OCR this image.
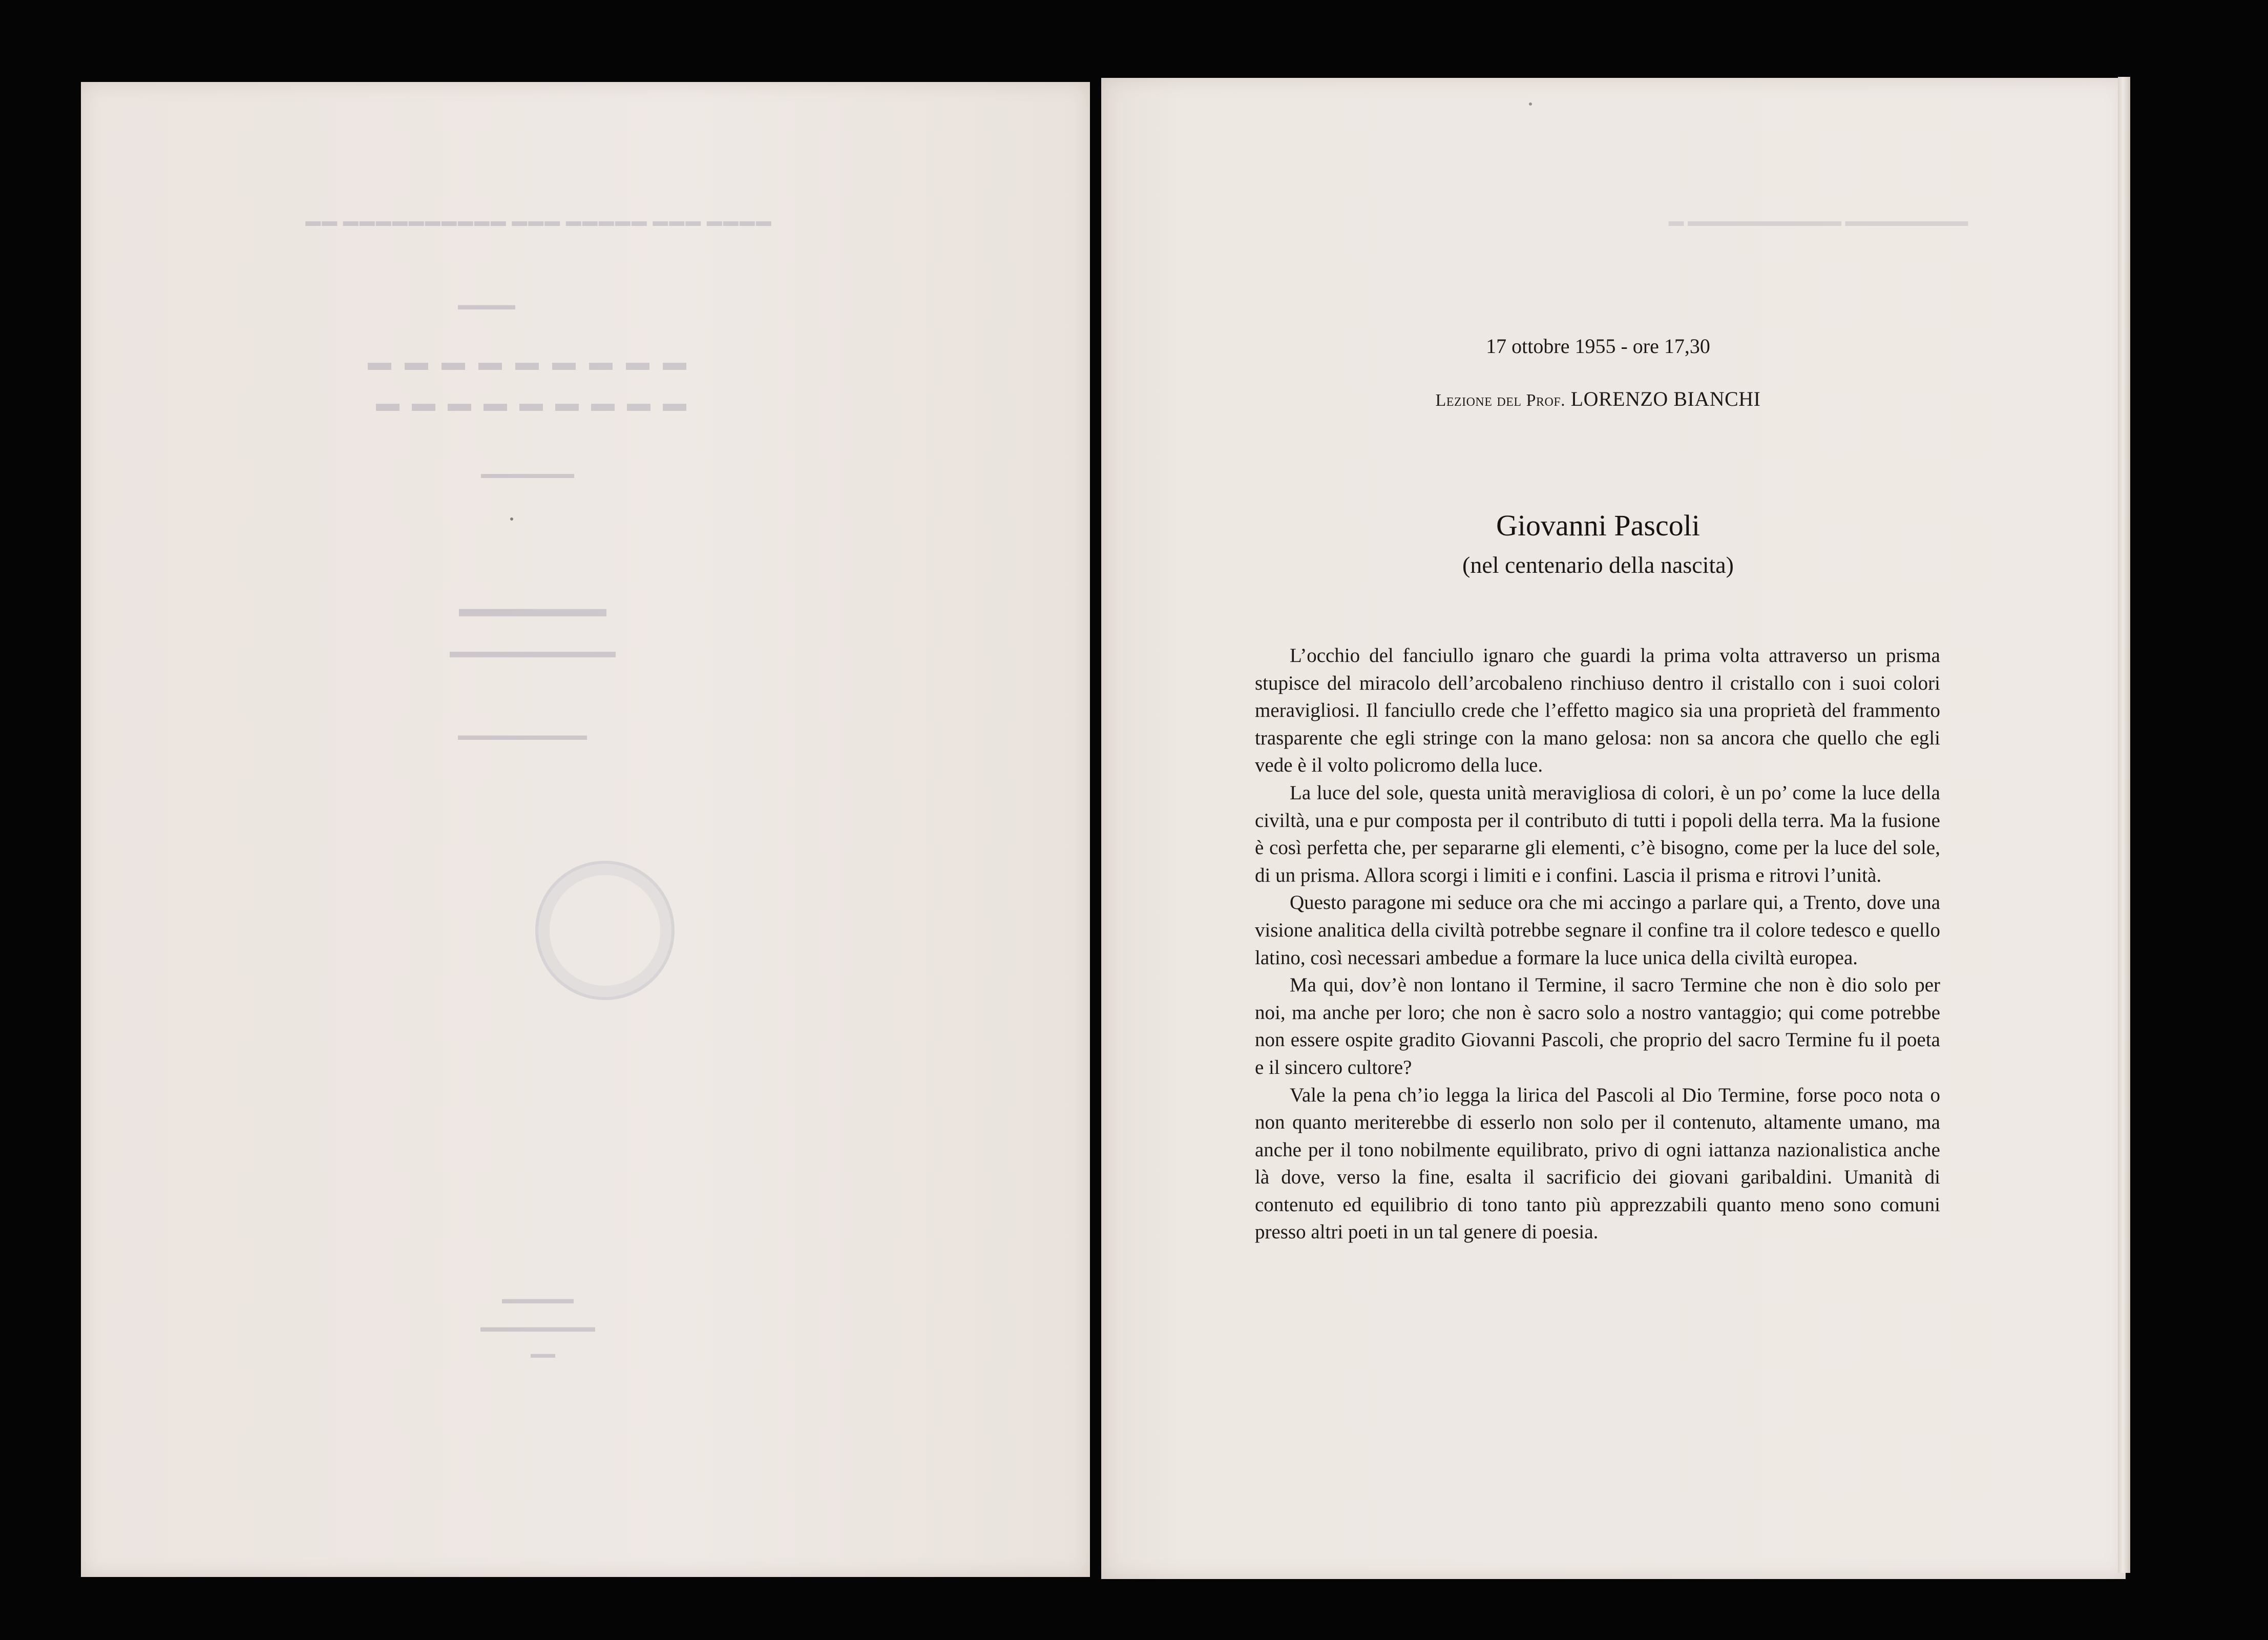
▬▬▬▬ ▬▬▬ ▬▬▬▬▬ ▬▬▬ ▬▬▬▬▬▬▬▬▬▬ ▬▬
▬▬▬▬
▬▬▬▬▬▬▬▬▬
▬▬▬▬▬▬▬▬▬
▬▬▬▬▬▬▬
▬▬▬▬▬▬
▬▬▬▬▬▬▬▬▬
▬▬▬▬▬▬▬▬▬
▬▬▬▬▬
▬▬▬▬▬▬▬▬
▬▬
▬▬▬▬▬▬▬▬ ▬▬▬▬▬▬▬▬▬▬ ▬
17 ottobre 1955 - ore 17,30
Lezione del Prof. LORENZO BIANCHI
Giovanni Pascoli
(nel centenario della nascita)

L’occhio del fanciullo ignaro che guardi la prima volta attraverso un prisma stupisce del miracolo dell’arcobaleno rinchiuso dentro il cristallo con i suoi colori meravigliosi. Il fanciullo crede che l’effetto magico sia una proprietà del frammento trasparente che egli stringe con la mano gelosa: non sa ancora che quello che egli vede è il volto policromo della luce.

La luce del sole, questa unità meravigliosa di colori, è un po’ come la luce della civiltà, una e pur composta per il contributo di tutti i popoli della terra. Ma la fusione è così perfetta che, per separarne gli elementi, c’è bisogno, come per la luce del sole, di un prisma. Allora scorgi i limiti e i confini. Lascia il prisma e ritrovi l’unità.

Questo paragone mi seduce ora che mi accingo a parlare qui, a Trento, dove una visione analitica della civiltà potrebbe segnare il confine tra il colore tedesco e quello latino, così necessari ambedue a formare la luce unica della civiltà europea.

Ma qui, dov’è non lontano il Termine, il sacro Termine che non è dio solo per noi, ma anche per loro; che non è sacro solo a nostro vantaggio; qui come potrebbe non essere ospite gradito Giovanni Pascoli, che proprio del sacro Termine fu il poeta e il sincero cultore?

Vale la pena ch’io legga la lirica del Pascoli al Dio Termine, forse poco nota o non quanto meriterebbe di esserlo non solo per il contenuto, altamente umano, ma anche per il tono nobilmente equilibrato, privo di ogni iattanza nazionalistica anche là dove, verso la fine, esalta il sacrificio dei giovani garibaldini. Umanità di contenuto ed equilibrio di tono tanto più apprezzabili quanto meno sono comuni presso altri poeti in un tal genere di poesia.
